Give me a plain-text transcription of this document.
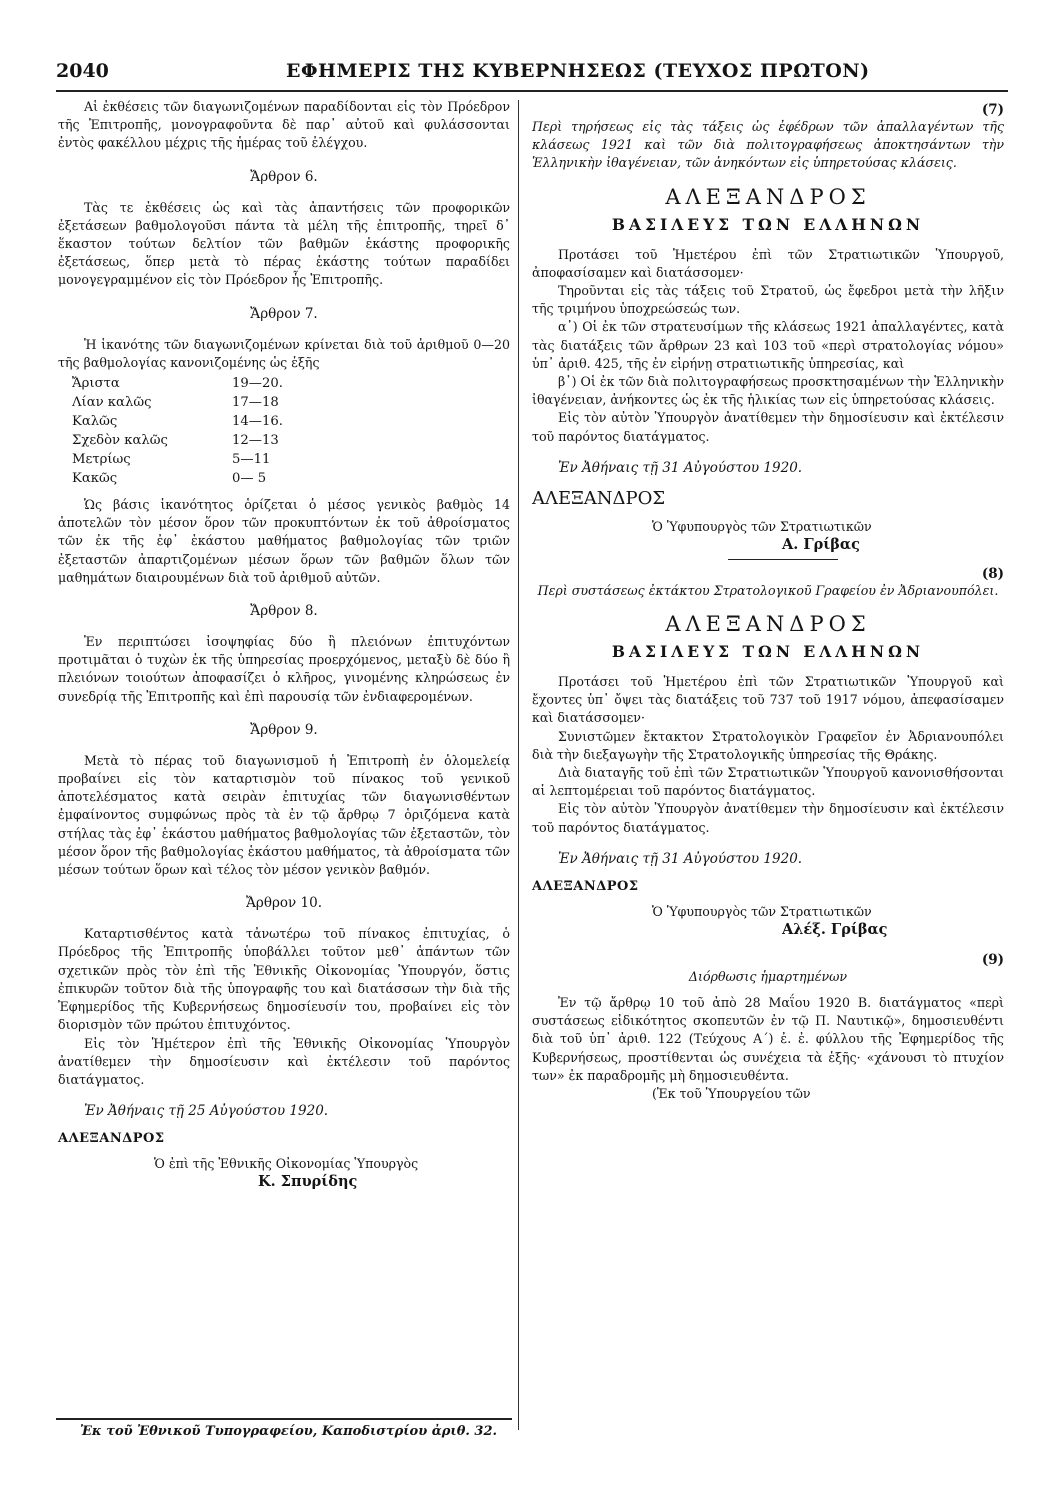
2040	ΕΦΗΜΕΡΙΣ ΤΗΣ ΚΥΒΕΡΝΗΣΕΩΣ (ΤΕΥΧΟΣ ΠΡΩΤΟΝ)

Αἱ ἐκθέσεις τῶν διαγωνιζομένων παραδίδονται εἰς τὸν Πρόεδρον τῆς Ἐπιτροπῆς, μονογραφοῦντα δὲ παρ᾽ αὐτοῦ καὶ φυλάσσονται ἐντὸς φακέλλου μέχρις τῆς ἡμέρας τοῦ ἐλέγχου.

Ἄρθρον 6.

Τὰς τε ἐκθέσεις ὡς καὶ τὰς ἀπαντήσεις τῶν προφορικῶν ἐξετάσεων βαθμολογοῦσι πάντα τὰ μέλη τῆς ἐπιτροπῆς, τηρεῖ δ᾽ ἕκαστον τούτων δελτίον τῶν βαθμῶν ἑκάστης προφορικῆς ἐξετάσεως, ὅπερ μετὰ τὸ πέρας ἑκάστης τούτων παραδίδει μονογεγραμμένον εἰς τὸν Πρόεδρον ἧς Ἐπιτροπῆς.

Ἄρθρον 7.

Ἡ ἱκανότης τῶν διαγωνιζομένων κρίνεται διὰ τοῦ ἀριθμοῦ 0—20 τῆς βαθμολογίας κανονιζομένης ὡς ἑξῆς

Ἄριστα	19—20.
Λίαν καλῶς	17—18
Καλῶς	14—16.
Σχεδὸν καλῶς	12—13
Μετρίως	5—11
Κακῶς	0— 5

Ὡς βάσις ἱκανότητος ὁρίζεται ὁ μέσος γενικὸς βαθμὸς 14 ἀποτελῶν τὸν μέσον ὅρον τῶν προκυπτόντων ἐκ τοῦ ἀθροίσματος τῶν ἐκ τῆς ἐφ᾽ ἑκάστου μαθήματος βαθμολογίας τῶν τριῶν ἐξεταστῶν ἀπαρτιζομένων μέσων ὅρων τῶν βαθμῶν ὅλων τῶν μαθημάτων διαιρουμένων διὰ τοῦ ἀριθμοῦ αὐτῶν.

Ἄρθρον 8.

Ἐν περιπτώσει ἰσοψηφίας δύο ἢ πλειόνων ἐπιτυχόντων προτιμᾶται ὁ τυχὼν ἐκ τῆς ὑπηρεσίας προερχόμενος, μεταξὺ δὲ δύο ἢ πλειόνων τοιούτων ἀποφασίζει ὁ κλῆρος, γινομένης κληρώσεως ἐν συνεδρίᾳ τῆς Ἐπιτροπῆς καὶ ἐπὶ παρουσίᾳ τῶν ἐνδιαφερομένων.

Ἄρθρον 9.

Μετὰ τὸ πέρας τοῦ διαγωνισμοῦ ἡ Ἐπιτροπὴ ἐν ὁλομελείᾳ προβαίνει εἰς τὸν καταρτισμὸν τοῦ πίνακος τοῦ γενικοῦ ἀποτελέσματος κατὰ σειρὰν ἐπιτυχίας τῶν διαγωνισθέντων ἐμφαίνοντος συμφώνως πρὸς τὰ ἐν τῷ ἄρθρῳ 7 ὁριζόμενα κατὰ στήλας τὰς ἐφ᾽ ἑκάστου μαθήματος βαθμολογίας τῶν ἐξεταστῶν, τὸν μέσον ὅρον τῆς βαθμολογίας ἑκάστου μαθήματος, τὰ ἀθροίσματα τῶν μέσων τούτων ὅρων καὶ τέλος τὸν μέσον γενικὸν βαθμόν.

Ἄρθρον 10.

Καταρτισθέντος κατὰ τἀνωτέρω τοῦ πίνακος ἐπιτυχίας, ὁ Πρόεδρος τῆς Ἐπιτροπῆς ὑποβάλλει τοῦτον μεθ᾽ ἁπάντων τῶν σχετικῶν πρὸς τὸν ἐπὶ τῆς Ἐθνικῆς Οἰκονομίας Ὑπουργόν, ὅστις ἐπικυρῶν τοῦτον διὰ τῆς ὑπογραφῆς του καὶ διατάσσων τὴν διὰ τῆς Ἐφημερίδος τῆς Κυβερνήσεως δημοσίευσίν του, προβαίνει εἰς τὸν διορισμὸν τῶν πρώτου ἐπιτυχόντος.

Εἰς τὸν Ἡμέτερον ἐπὶ τῆς Ἐθνικῆς Οἰκονομίας Ὑπουργὸν ἀνατίθεμεν τὴν δημοσίευσιν καὶ ἐκτέλεσιν τοῦ παρόντος διατάγματος.

Ἐν Ἀθήναις τῇ 25 Αὐγούστου 1920.

ΑΛΕΞΑΝΔΡΟΣ

Ὁ ἐπὶ τῆς Ἐθνικῆς Οἰκονομίας Ὑπουργὸς

Κ. Σπυρίδης

Ἐκ τοῦ Ἐθνικοῦ Τυπογραφείου, Καποδιστρίου ἀριθ. 32.

(7)

Περὶ τηρήσεως εἰς τὰς τάξεις ὡς ἐφέδρων τῶν ἀπαλλαγέντων τῆς κλάσεως 1921 καὶ τῶν διὰ πολιτογραφήσεως ἀποκτησάντων τὴν Ἑλληνικὴν ἰθαγένειαν, τῶν ἀνηκόντων εἰς ὑπηρετούσας κλάσεις.

ΑΛΕΞΑΝΔΡΟΣ

ΒΑΣΙΛΕΥΣ ΤΩΝ ΕΛΛΗΝΩΝ

Προτάσει τοῦ Ἡμετέρου ἐπὶ τῶν Στρατιωτικῶν Ὑπουργοῦ, ἀποφασίσαμεν καὶ διατάσσομεν·

Τηροῦνται εἰς τὰς τάξεις τοῦ Στρατοῦ, ὡς ἔφεδροι μετὰ τὴν λῆξιν τῆς τριμήνου ὑποχρεώσεώς των.

α᾽) Οἱ ἐκ τῶν στρατευσίμων τῆς κλάσεως 1921 ἀπαλλαγέντες, κατὰ τὰς διατάξεις τῶν ἄρθρων 23 καὶ 103 τοῦ «περὶ στρατολογίας νόμου» ὑπ᾽ ἀριθ. 425, τῆς ἐν εἰρήνῃ στρατιωτικῆς ὑπηρεσίας, καὶ

β᾽) Οἱ ἐκ τῶν διὰ πολιτογραφήσεως προσκτησαμένων τὴν Ἑλληνικὴν ἰθαγένειαν, ἀνήκοντες ὡς ἐκ τῆς ἡλικίας των εἰς ὑπηρετούσας κλάσεις.

Εἰς τὸν αὐτὸν Ὑπουργὸν ἀνατίθεμεν τὴν δημοσίευσιν καὶ ἐκτέλεσιν τοῦ παρόντος διατάγματος.

Ἐν Ἀθήναις τῇ 31 Αὐγούστου 1920.

ΑΛΕΞΑΝΔΡΟΣ

Ὁ Ὑφυπουργὸς τῶν Στρατιωτικῶν

Α. Γρίβας

(8)

Περὶ συστάσεως ἐκτάκτου Στρατολογικοῦ Γραφείου ἐν Ἀδριανουπόλει.

ΑΛΕΞΑΝΔΡΟΣ

ΒΑΣΙΛΕΥΣ ΤΩΝ ΕΛΛΗΝΩΝ

Προτάσει τοῦ Ἡμετέρου ἐπὶ τῶν Στρατιωτικῶν Ὑπουργοῦ καὶ ἔχοντες ὑπ᾽ ὄψει τὰς διατάξεις τοῦ 737 τοῦ 1917 νόμου, ἀπεφασίσαμεν καὶ διατάσσομεν·

Συνιστῶμεν ἔκτακτον Στρατολογικὸν Γραφεῖον ἐν Ἀδριανουπόλει διὰ τὴν διεξαγωγὴν τῆς Στρατολογικῆς ὑπηρεσίας τῆς Θράκης.

Διὰ διαταγῆς τοῦ ἐπὶ τῶν Στρατιωτικῶν Ὑπουργοῦ κανονισθήσονται αἱ λεπτομέρειαι τοῦ παρόντος διατάγματος.

Εἰς τὸν αὐτὸν Ὑπουργὸν ἀνατίθεμεν τὴν δημοσίευσιν καὶ ἐκτέλεσιν τοῦ παρόντος διατάγματος.

Ἐν Ἀθήναις τῇ 31 Αὐγούστου 1920.

ΑΛΕΞΑΝΔΡΟΣ

Ὁ Ὑφυπουργὸς τῶν Στρατιωτικῶν

Αλέξ. Γρίβας

(9)

Διόρθωσις ἡμαρτημένων

Ἐν τῷ ἄρθρῳ 10 τοῦ ἀπὸ 28 Μαΐου 1920 Β. διατάγματος «περὶ συστάσεως εἰδικότητος σκοπευτῶν ἐν τῷ Π. Ναυτικῷ», δημοσιευθέντι διὰ τοῦ ὑπ᾽ ἀριθ. 122 (Τεύχους Α΄) ἐ. ἐ. φύλλου τῆς Ἐφημερίδος τῆς Κυβερνήσεως, προστίθενται ὡς συνέχεια τὰ ἑξῆς· «χάνουσι τὸ πτυχίον των» ἐκ παραδρομῆς μὴ δημοσιευθέντα.

(Ἐκ τοῦ Ὑπουργείου τῶν
